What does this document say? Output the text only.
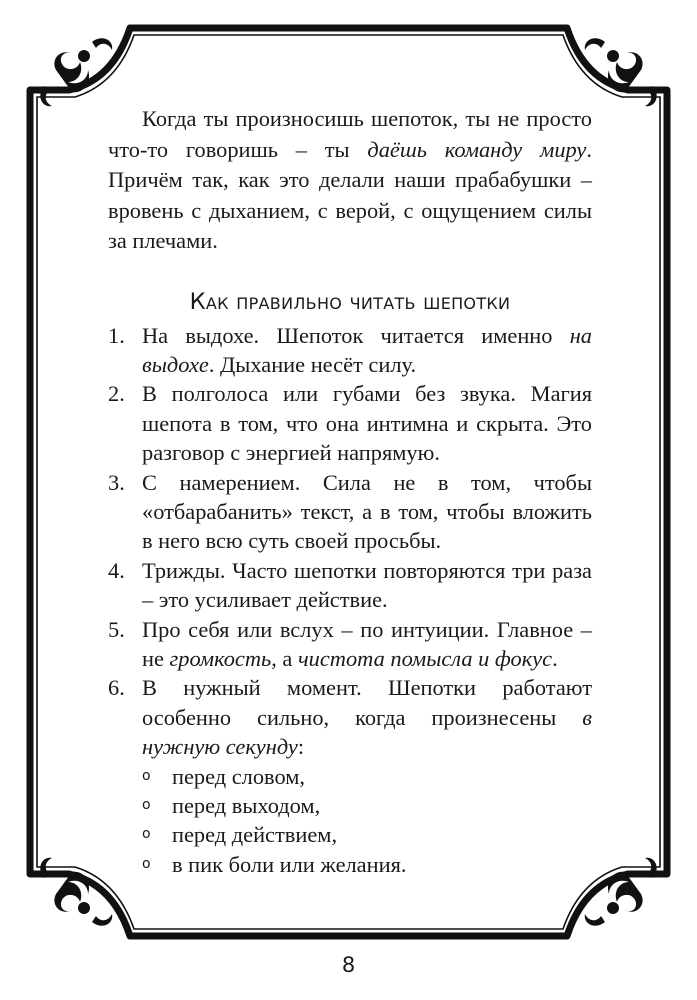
Когда ты произносишь шепоток, ты не просто что-то говоришь – ты даёшь команду миру. Причём так, как это делали наши прабабушки – вровень с дыханием, с верой, с ощущением силы за плечами.

Как правильно читать шепотки
1. На выдохе. Шепоток читается именно на выдохе. Дыхание несёт силу.
2. В полголоса или губами без звука. Магия шепота в том, что она интимна и скрыта. Это разговор с энергией напрямую.
3. С намерением. Сила не в том, чтобы «отбарабанить» текст, а в том, чтобы вложить в него всю суть своей просьбы.
4. Трижды. Часто шепотки повторяются три раза – это усиливает действие.
5. Про себя или вслух – по интуиции. Главное – не громкость, а чистота помысла и фокус.
6. В нужный момент. Шепотки работают особенно сильно, когда произнесены в нужную секунду:
o перед словом,
o перед выходом,
o перед действием,
o в пик боли или желания.
8
